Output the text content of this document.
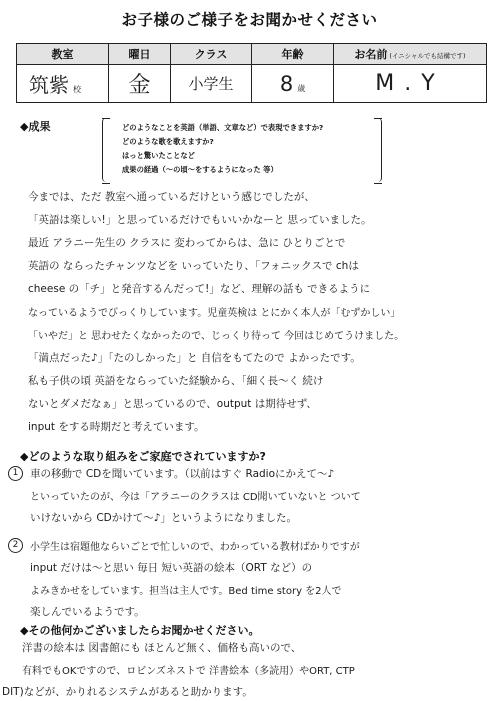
お子様のご様子をお聞かせください
教室	曜日	クラス	年齢	お名前 (イニシャルでも結構です)
筑紫 校	金	小学生	8 歳	M.Y
◆成果	どのようなことを英語（単語、文章など）で表現できますか?
どのような歌を歌えますか?
はっと驚いたことなど
成果の経過（～の頃～をするようになった 等）
今までは、ただ 教室へ通っているだけという感じでしたが、
「英語は楽しい!」と思っているだけでもいいかなーと 思っていました。
最近 アラニー先生の クラスに 変わってからは、急に ひとりごとで
英語の ならったチャンツなどを いっていたり、「フォニックスで chは
cheese の「チ」と発音するんだって!」など、理解の話も できるように
なっているようでびっくりしています。児童英検は とにかく本人が「むずかしい」
「いやだ」と 思わせたくなかったので、じっくり待って 今回はじめてうけました。
「満点だった♪」「たのしかった」と 自信をもてたので よかったです。
私も子供の頃 英語をならっていた経験から、「細く長～く 続け
ないとダメだなぁ」と思っているので、output は期待せず、
input をする時期だと考えています。
◆どのような取り組みをご家庭でされていますか?
1	車の移動で CDを聞いています。（以前はすぐ Radioにかえて～♪
といっていたのが、今は「アラニーのクラスは CD聞いていないと ついて
いけないから CDかけて～♪」というようになりました。
2	小学生は宿題他ならいごとで忙しいので、わかっている教材ばかりですが
input だけは～と思い 毎日 短い英語の絵本（ORT など）の
よみきかせをしています。担当は主人です。Bed time story を2人で
楽しんでいるようです。
◆その他何かございましたらお聞かせください。
洋書の絵本は 図書館にも ほとんど無く、価格も高いので、
有料でもOKですので、ロビンズネストで 洋書絵本（多読用）やORT, CTP
DIT)などが、かりれるシステムがあると助かります。
